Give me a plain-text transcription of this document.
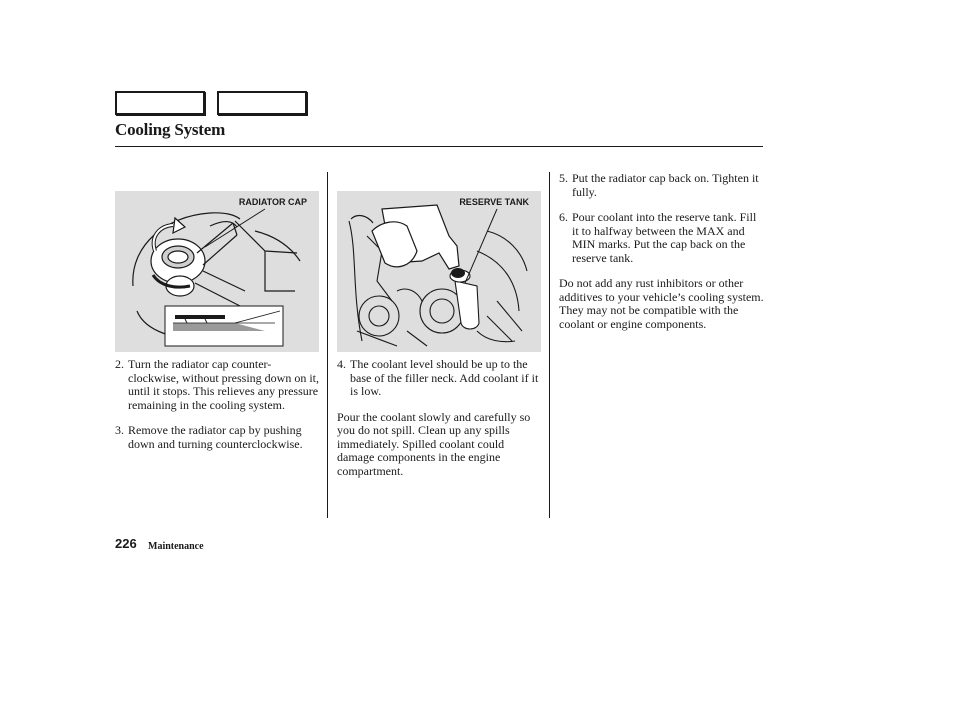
Cooling System
RADIATOR CAP	RESERVE TANK

2. Turn the radiator cap counter-clockwise, without pressing down on it, until it stops. This relieves any pressure remaining in the cooling system.

3. Remove the radiator cap by pushing down and turning counterclockwise.

4. The coolant level should be up to the base of the filler neck. Add coolant if it is low.

Pour the coolant slowly and carefully so you do not spill. Clean up any spills immediately. Spilled coolant could damage components in the engine compartment.

5. Put the radiator cap back on. Tighten it fully.

6. Pour coolant into the reserve tank. Fill it to halfway between the MAX and MIN marks. Put the cap back on the reserve tank.

Do not add any rust inhibitors or other additives to your vehicle’s cooling system. They may not be compatible with the coolant or engine components.

226 Maintenance
